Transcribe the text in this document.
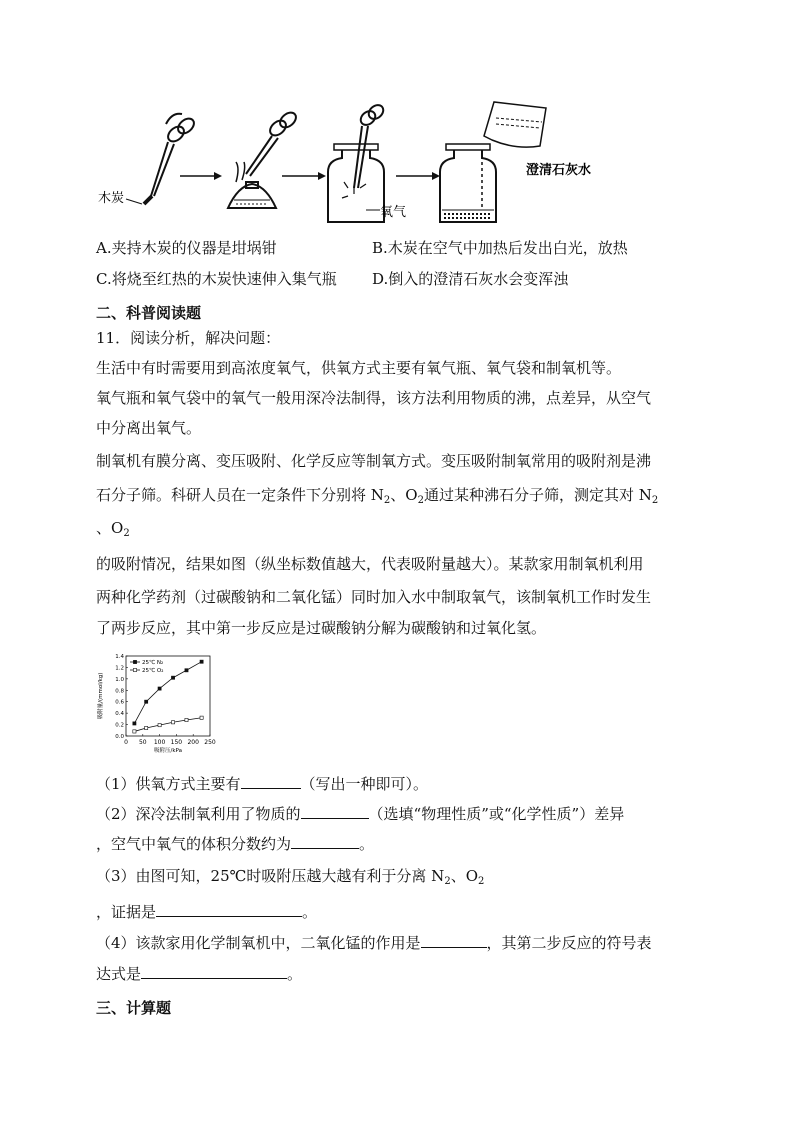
木炭
氧气
澄清石灰水
A.夹持木炭的仪器是坩埚钳	B.木炭在空气中加热后发出白光，放热
C.将烧至红热的木炭快速伸入集气瓶 D.倒入的澄清石灰水会变浑浊
二、科普阅读题
11．阅读分析，解决问题：
生活中有时需要用到高浓度氧气，供氧方式主要有氧气瓶、氧气袋和制氧机等。
氧气瓶和氧气袋中的氧气一般用深冷法制得，该方法利用物质的沸，点差异，从空气
中分离出氧气。
制氧机有膜分离、变压吸附、化学反应等制氧方式。变压吸附制氧常用的吸附剂是沸
石分子筛。科研人员在一定条件下分别将 $N_2$、$O_2$通过某种沸石分子筛，测定其对 $N_2$
、$O_2$
的吸附情况，结果如图（纵坐标数值越大，代表吸附量越大）。某款家用制氧机利用
两种化学药剂（过碳酸钠和二氧化锰）同时加入水中制取氧气，该制氧机工作时发生
了两步反应，其中第一步反应是过碳酸钠分解为碳酸钠和过氧化氢。
0 50 100 150 200 250
0.0
0.2
0.4
0.6
0.8
1.0
1.2
1.4
吸附压/kPa
吸附量/(mmol/kg)
25℃ N₂
25℃ O₂
（1）供氧方式主要有	（写出一种即可）。
（2）深冷法制氧利用了物质的	（选填“物理性质”或“化学性质”）差异
，空气中氧气的体积分数约为	。
（3）由图可知，25℃时吸附压越大越有利于分离 $N_2$、$O_2$
，证据是	。
（4）该款家用化学制氧机中，二氧化锰的作用是	，其第二步反应的符号表
达式是	。
三、计算题
